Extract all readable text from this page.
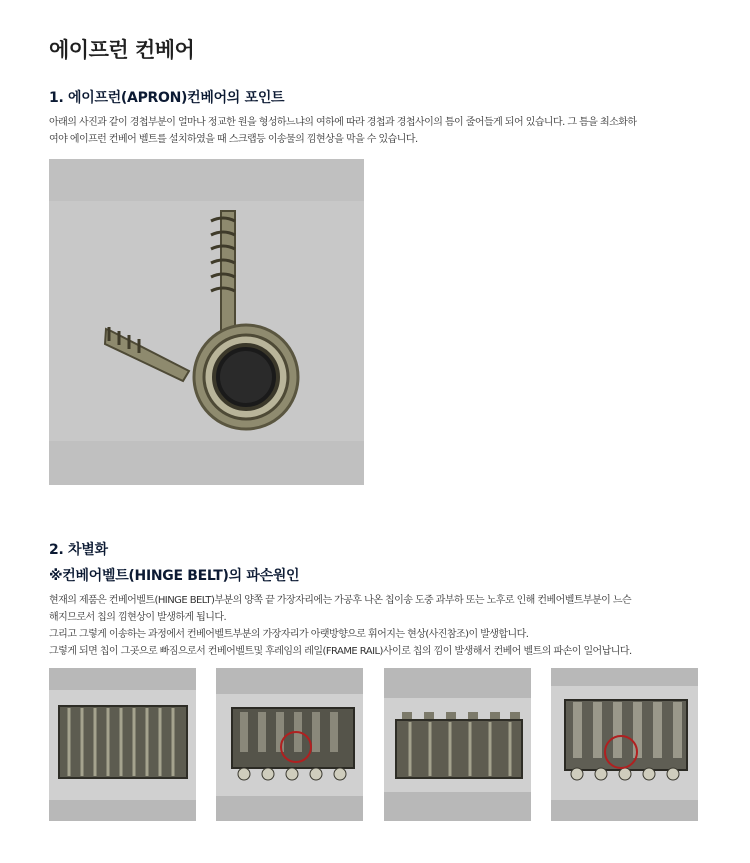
에이프런 컨베어
1. 에이프런(APRON)컨베어의 포인트

아래의 사진과 같이 경첩부분이 얼마나 정교한 원을 형성하느냐의 여하에 따라 경첩과 경첩사이의 틈이 줄어들게 되어 있습니다. 그 틈을 최소화하
여야 에이프런 컨베어 벨트를 설치하였을 때 스크랩등 이송물의 낌현상을 막을 수 있습니다.

2. 차별화
※컨베어벨트(HINGE BELT)의 파손원인

현재의 제품은 컨베어벨트(HINGE BELT)부분의 양쪽 끝 가장자리에는 가공후 나온 칩이송 도중 과부하 또는 노후로 인해 컨베어벨트부분이 느슨
해지므로서 칩의 낌현상이 발생하게 됩니다.
그리고 그렇게 이송하는 과정에서 컨베어벨트부분의 가장자리가 아랫방향으로 휘어지는 현상(사진참조)이 발생합니다.
그렇게 되면 칩이 그곳으로 빠짐으로서 컨베어벨트및 후레임의 레일(FRAME RAIL)사이로 칩의 낌이 발생해서 컨베어 벨트의 파손이 일어납니다.
